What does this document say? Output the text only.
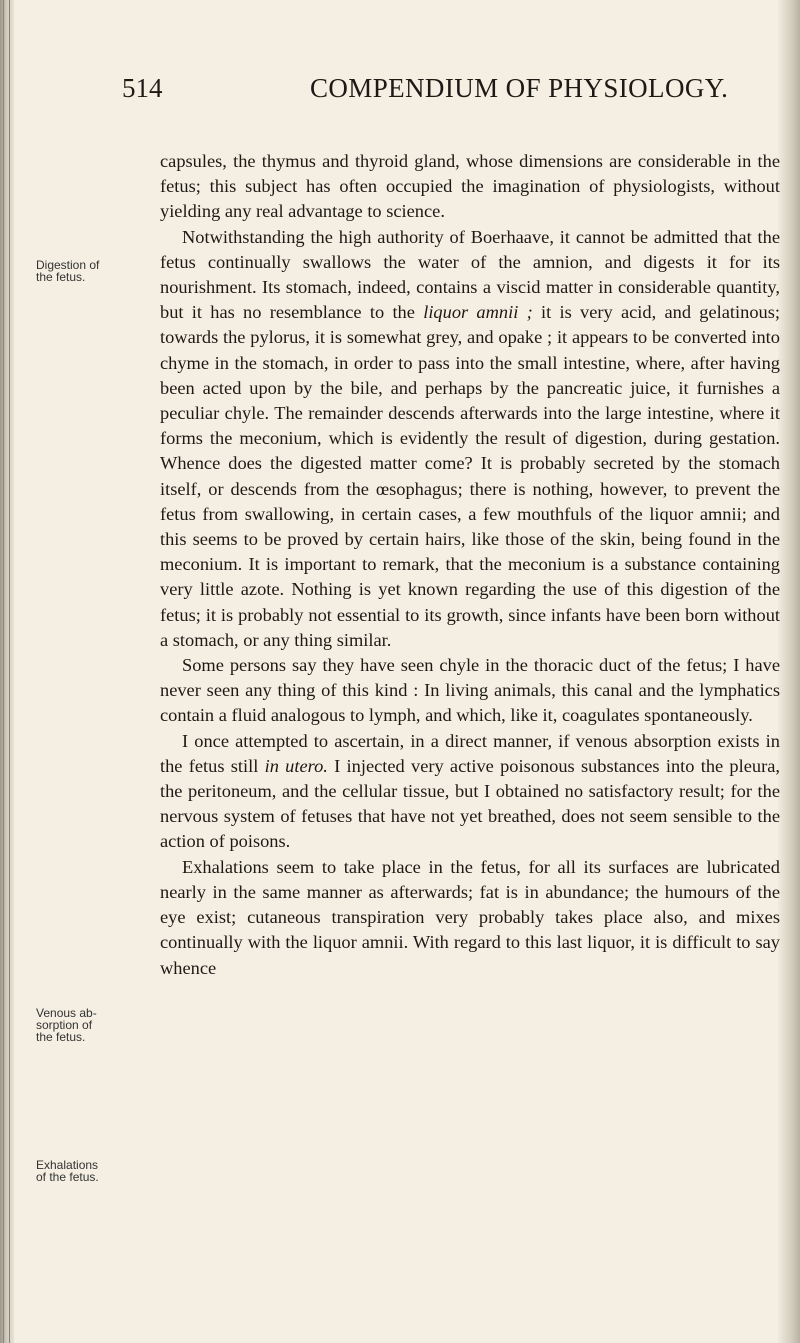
514	COMPENDIUM OF PHYSIOLOGY.
Digestion of
the fetus.
Venous ab-
sorption of
the fetus.
Exhalations
of the fetus.

capsules, the thymus and thyroid gland, whose dimensions are considerable in the fetus; this subject has often occupied the imagination of physiologists, without yielding any real advantage to science.

Notwithstanding the high authority of Boerhaave, it cannot be admitted that the fetus continually swallows the water of the amnion, and digests it for its nourishment. Its stomach, indeed, contains a viscid matter in considerable quantity, but it has no resemblance to the liquor amnii ; it is very acid, and gelatinous; towards the pylorus, it is somewhat grey, and opake ; it appears to be converted into chyme in the stomach, in order to pass into the small intestine, where, after having been acted upon by the bile, and perhaps by the pancreatic juice, it furnishes a peculiar chyle. The remainder descends afterwards into the large intestine, where it forms the meconium, which is evidently the result of digestion, during gestation. Whence does the digested matter come? It is probably secreted by the stomach itself, or descends from the œsophagus; there is nothing, however, to prevent the fetus from swallowing, in certain cases, a few mouthfuls of the liquor amnii; and this seems to be proved by certain hairs, like those of the skin, being found in the meconium. It is important to remark, that the meconium is a substance containing very little azote. Nothing is yet known regarding the use of this digestion of the fetus; it is probably not essential to its growth, since infants have been born without a stomach, or any thing similar.

Some persons say they have seen chyle in the thoracic duct of the fetus; I have never seen any thing of this kind : In living animals, this canal and the lymphatics contain a fluid analogous to lymph, and which, like it, coagulates spontaneously.

I once attempted to ascertain, in a direct manner, if venous absorption exists in the fetus still in utero. I injected very active poisonous substances into the pleura, the peritoneum, and the cellular tissue, but I obtained no satisfactory result; for the nervous system of fetuses that have not yet breathed, does not seem sensible to the action of poisons.

Exhalations seem to take place in the fetus, for all its surfaces are lubricated nearly in the same manner as afterwards; fat is in abundance; the humours of the eye exist; cutaneous transpiration very probably takes place also, and mixes continually with the liquor amnii. With regard to this last liquor, it is difficult to say whence
